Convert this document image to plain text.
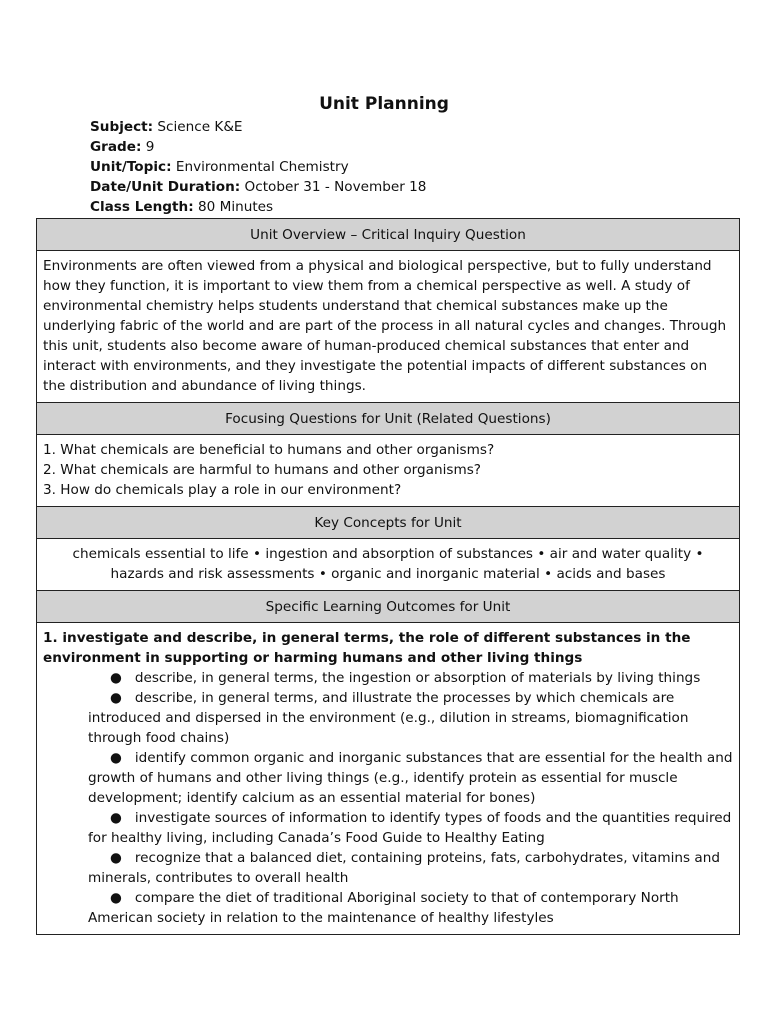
Unit Planning
Subject: Science K&E
Grade: 9
Unit/Topic: Environmental Chemistry
Date/Unit Duration: October 31 - November 18
Class Length: 80 Minutes
Unit Overview – Critical Inquiry Question
Environments are often viewed from a physical and biological perspective, but to fully understand how they function, it is important to view them from a chemical perspective as well. A study of environmental chemistry helps students understand that chemical substances make up the underlying fabric of the world and are part of the process in all natural cycles and changes. Through this unit, students also become aware of human-produced chemical substances that enter and interact with environments, and they investigate the potential impacts of different substances on the distribution and abundance of living things.
Focusing Questions for Unit (Related Questions)

1. What chemicals are beneficial to humans and other organisms?
2. What chemicals are harmful to humans and other organisms?
3. How do chemicals play a role in our environment?

Key Concepts for Unit

chemicals essential to life • ingestion and absorption of substances • air and water quality •
hazards and risk assessments • organic and inorganic material • acids and bases

Specific Learning Outcomes for Unit

1. investigate and describe, in general terms, the role of different substances in the environment in supporting or harming humans and other living things
● describe, in general terms, the ingestion or absorption of materials by living things
● describe, in general terms, and illustrate the processes by which chemicals are introduced and dispersed in the environment (e.g., dilution in streams, biomagnification through food chains)
● identify common organic and inorganic substances that are essential for the health and growth of humans and other living things (e.g., identify protein as essential for muscle development; identify calcium as an essential material for bones)
● investigate sources of information to identify types of foods and the quantities required for healthy living, including Canada’s Food Guide to Healthy Eating
● recognize that a balanced diet, containing proteins, fats, carbohydrates, vitamins and minerals, contributes to overall health
● compare the diet of traditional Aboriginal society to that of contemporary North American society in relation to the maintenance of healthy lifestyles
